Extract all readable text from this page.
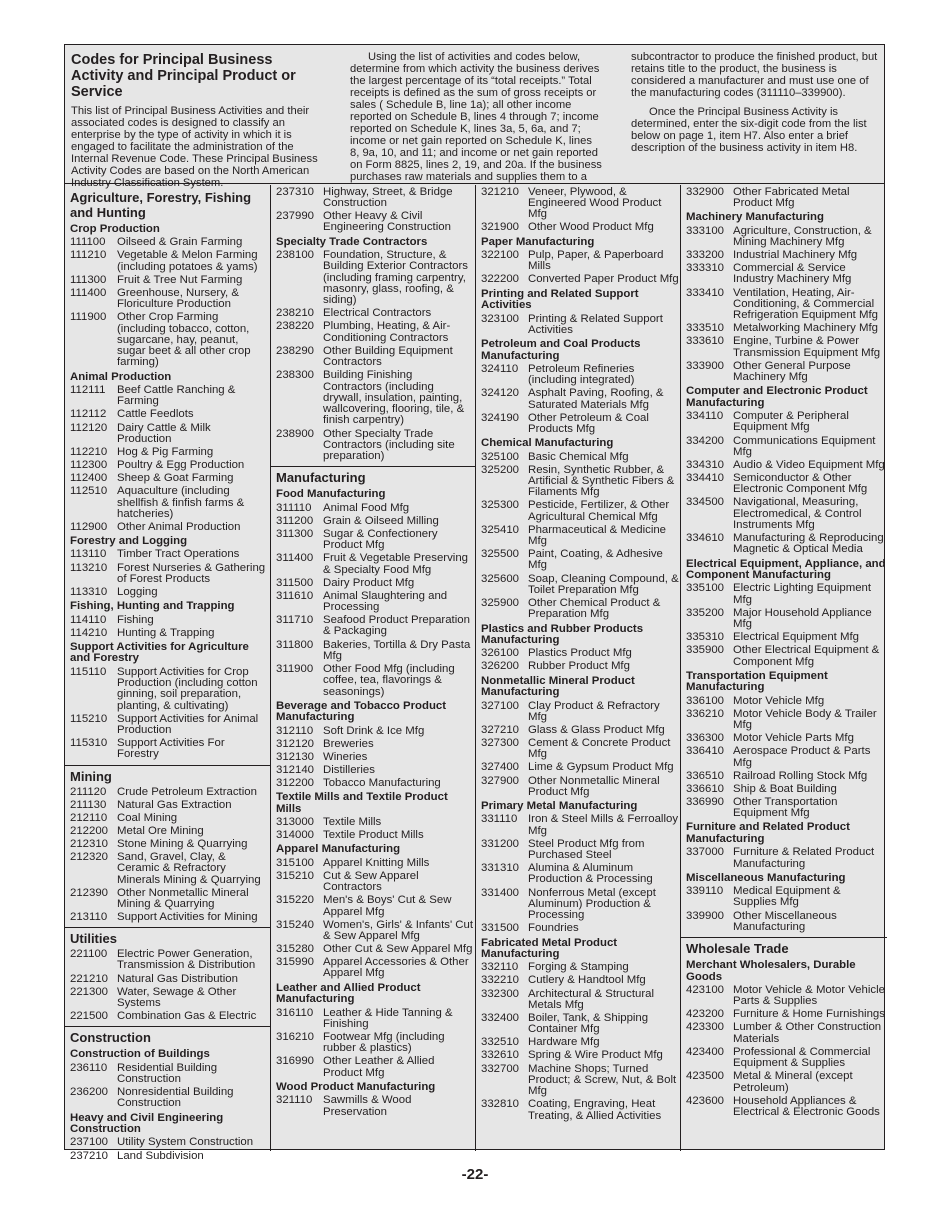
Codes for Principal Business Activity and Principal Product or Service

This list of Principal Business Activities and their associated codes is designed to classify an enterprise by the type of activity in which it is engaged to facilitate the administration of the Internal Revenue Code. These Principal Business Activity Codes are based on the North American Industry Classification System.

Using the list of activities and codes below, determine from which activity the business derives the largest percentage of its “total receipts.” Total receipts is defined as the sum of gross receipts or sales ( Schedule B, line 1a); all other income reported on Schedule B, lines 4 through 7; income reported on Schedule K, lines 3a, 5, 6a, and 7; income or net gain reported on Schedule K, lines 8, 9a, 10, and 11; and income or net gain reported on Form 8825, lines 2, 19, and 20a. If the business purchases raw materials and supplies them to a

subcontractor to produce the finished product, but retains title to the product, the business is considered a manufacturer and must use one of the manufacturing codes (311110–339900).

Once the Principal Business Activity is determined, enter the six-digit code from the list below on page 1, item H7. Also enter a brief description of the business activity in item H8.

Agriculture, Forestry, Fishing and Hunting
Crop Production
111100	Oilseed & Grain Farming
111210 Vegetable & Melon Farming (including potatoes & yams)
111300 Fruit & Tree Nut Farming
111400 Greenhouse, Nursery, & Floriculture Production
111900 Other Crop Farming (including tobacco, cotton, sugarcane, hay, peanut, sugar beet & all other crop farming)
Animal Production
112111	Beef Cattle Ranching & Farming
112112 Cattle Feedlots
112120 Dairy Cattle & Milk Production
112210 Hog & Pig Farming
112300 Poultry & Egg Production
112400 Sheep & Goat Farming
112510 Aquaculture (including shellfish & finfish farms & hatcheries)
112900 Other Animal Production
Forestry and Logging
113110 Timber Tract Operations
113210 Forest Nurseries & Gathering of Forest Products
113310 Logging
Fishing, Hunting and Trapping
114110 Fishing
114210 Hunting & Trapping
Support Activities for Agriculture and Forestry
115110 Support Activities for Crop Production (including cotton ginning, soil preparation, planting, & cultivating)
115210 Support Activities for Animal Production
115310 Support Activities For Forestry
Mining
211120 Crude Petroleum Extraction
211130 Natural Gas Extraction
212110 Coal Mining
212200 Metal Ore Mining
212310 Stone Mining & Quarrying
212320 Sand, Gravel, Clay, & Ceramic & Refractory Minerals Mining & Quarrying
212390 Other Nonmetallic Mineral Mining & Quarrying
213110 Support Activities for Mining
Utilities
221100 Electric Power Generation, Transmission & Distribution
221210 Natural Gas Distribution
221300 Water, Sewage & Other Systems
221500 Combination Gas & Electric
Construction
Construction of Buildings
236110 Residential Building Construction
236200 Nonresidential Building Construction
Heavy and Civil Engineering Construction
237100 Utility System Construction
237210 Land Subdivision
237310 Highway, Street, & Bridge Construction
237990 Other Heavy & Civil Engineering Construction
Specialty Trade Contractors
238100 Foundation, Structure, & Building Exterior Contractors (including framing carpentry, masonry, glass, roofing, & siding)
238210 Electrical Contractors
238220 Plumbing, Heating, & Air-Conditioning Contractors
238290 Other Building Equipment Contractors
238300 Building Finishing Contractors (including drywall, insulation, painting, wallcovering, flooring, tile, & finish carpentry)
238900 Other Specialty Trade Contractors (including site preparation)
Manufacturing
Food Manufacturing
311110	Animal Food Mfg
311200 Grain & Oilseed Milling
311300 Sugar & Confectionery Product Mfg
311400 Fruit & Vegetable Preserving & Specialty Food Mfg
311500 Dairy Product Mfg
311610 Animal Slaughtering and Processing
311710 Seafood Product Preparation & Packaging
311800 Bakeries, Tortilla & Dry Pasta Mfg
311900 Other Food Mfg (including coffee, tea, flavorings & seasonings)
Beverage and Tobacco Product Manufacturing
312110 Soft Drink & Ice Mfg
312120 Breweries
312130 Wineries
312140 Distilleries
312200 Tobacco Manufacturing
Textile Mills and Textile Product Mills
313000 Textile Mills
314000 Textile Product Mills
Apparel Manufacturing
315100 Apparel Knitting Mills
315210 Cut & Sew Apparel Contractors
315220 Men's & Boys' Cut & Sew Apparel Mfg
315240 Women's, Girls' & Infants' Cut & Sew Apparel Mfg
315280 Other Cut & Sew Apparel Mfg
315990 Apparel Accessories & Other Apparel Mfg
Leather and Allied Product Manufacturing
316110 Leather & Hide Tanning & Finishing
316210 Footwear Mfg (including rubber & plastics)
316990 Other Leather & Allied Product Mfg
Wood Product Manufacturing
321110 Sawmills & Wood Preservation
321210 Veneer, Plywood, & Engineered Wood Product Mfg
321900 Other Wood Product Mfg
Paper Manufacturing
322100 Pulp, Paper, & Paperboard Mills
322200 Converted Paper Product Mfg
Printing and Related Support Activities
323100 Printing & Related Support Activities
Petroleum and Coal Products Manufacturing
324110 Petroleum Refineries (including integrated)
324120 Asphalt Paving, Roofing, & Saturated Materials Mfg
324190 Other Petroleum & Coal Products Mfg
Chemical Manufacturing
325100 Basic Chemical Mfg
325200 Resin, Synthetic Rubber, & Artificial & Synthetic Fibers & Filaments Mfg
325300 Pesticide, Fertilizer, & Other Agricultural Chemical Mfg
325410 Pharmaceutical & Medicine Mfg
325500 Paint, Coating, & Adhesive Mfg
325600 Soap, Cleaning Compound, & Toilet Preparation Mfg
325900 Other Chemical Product & Preparation Mfg
Plastics and Rubber Products Manufacturing
326100 Plastics Product Mfg
326200 Rubber Product Mfg
Nonmetallic Mineral Product Manufacturing
327100 Clay Product & Refractory Mfg
327210 Glass & Glass Product Mfg
327300 Cement & Concrete Product Mfg
327400 Lime & Gypsum Product Mfg
327900 Other Nonmetallic Mineral Product Mfg
Primary Metal Manufacturing
331110 Iron & Steel Mills & Ferroalloy Mfg
331200 Steel Product Mfg from Purchased Steel
331310 Alumina & Aluminum Production & Processing
331400 Nonferrous Metal (except Aluminum) Production & Processing
331500 Foundries
Fabricated Metal Product Manufacturing
332110 Forging & Stamping
332210 Cutlery & Handtool Mfg
332300 Architectural & Structural Metals Mfg
332400 Boiler, Tank, & Shipping Container Mfg
332510 Hardware Mfg
332610 Spring & Wire Product Mfg
332700 Machine Shops; Turned Product; & Screw, Nut, & Bolt Mfg
332810 Coating, Engraving, Heat Treating, & Allied Activities
332900 Other Fabricated Metal Product Mfg
Machinery Manufacturing
333100 Agriculture, Construction, & Mining Machinery Mfg
333200 Industrial Machinery Mfg
333310 Commercial & Service Industry Machinery Mfg
333410 Ventilation, Heating, Air-Conditioning, & Commercial Refrigeration Equipment Mfg
333510 Metalworking Machinery Mfg
333610 Engine, Turbine & Power Transmission Equipment Mfg
333900 Other General Purpose Machinery Mfg
Computer and Electronic Product Manufacturing
334110 Computer & Peripheral Equipment Mfg
334200 Communications Equipment Mfg
334310 Audio & Video Equipment Mfg
334410 Semiconductor & Other Electronic Component Mfg
334500 Navigational, Measuring, Electromedical, & Control Instruments Mfg
334610 Manufacturing & Reproducing Magnetic & Optical Media
Electrical Equipment, Appliance, and Component Manufacturing
335100 Electric Lighting Equipment Mfg
335200 Major Household Appliance Mfg
335310 Electrical Equipment Mfg
335900 Other Electrical Equipment & Component Mfg
Transportation Equipment Manufacturing
336100 Motor Vehicle Mfg
336210 Motor Vehicle Body & Trailer Mfg
336300 Motor Vehicle Parts Mfg
336410 Aerospace Product & Parts Mfg
336510 Railroad Rolling Stock Mfg
336610 Ship & Boat Building
336990 Other Transportation Equipment Mfg
Furniture and Related Product Manufacturing
337000 Furniture & Related Product Manufacturing
Miscellaneous Manufacturing
339110 Medical Equipment & Supplies Mfg
339900 Other Miscellaneous Manufacturing
Wholesale Trade
Merchant Wholesalers, Durable Goods
423100 Motor Vehicle & Motor Vehicle Parts & Supplies
423200 Furniture & Home Furnishings
423300 Lumber & Other Construction Materials
423400 Professional & Commercial Equipment & Supplies
423500 Metal & Mineral (except Petroleum)
423600 Household Appliances & Electrical & Electronic Goods
-22-
